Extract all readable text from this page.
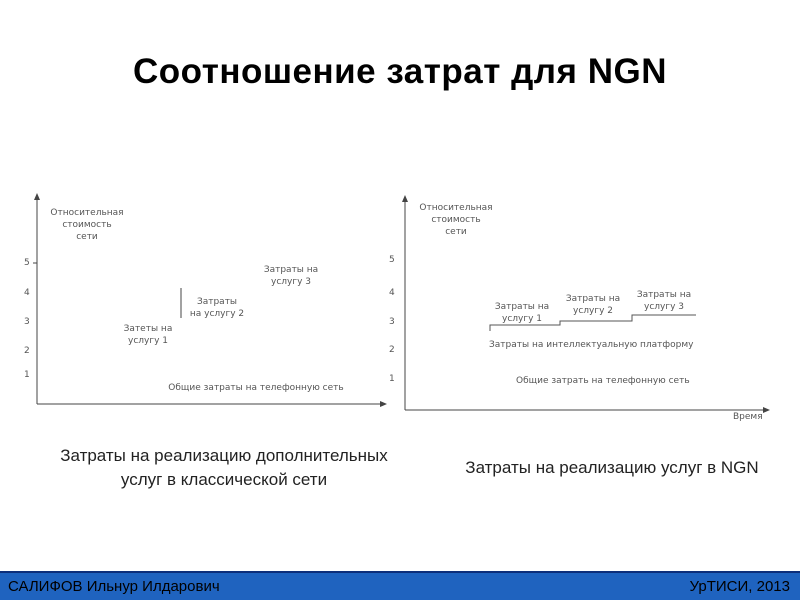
Соотношение затрат для NGN
Относительная
стоимость
сети
5
4
3
2
1
Затраты на
услугу 3
Затраты
на услугу 2
Затеты на
услугу 1
Общие затраты на телефонную сеть
Относительная
стоимость
сети
5
4
3
2
1
Затраты на
услугу 1
Затраты на
услугу 2
Затраты на
услугу 3
Затраты на интеллектуальную платформу
Общие затрать на телефонную сеть
Время
Затраты на реализацию дополнительных услуг в классической сети
Затраты на реализацию услуг в NGN
САЛИФОВ Ильнур Илдарович	УрТИСИ, 2013
